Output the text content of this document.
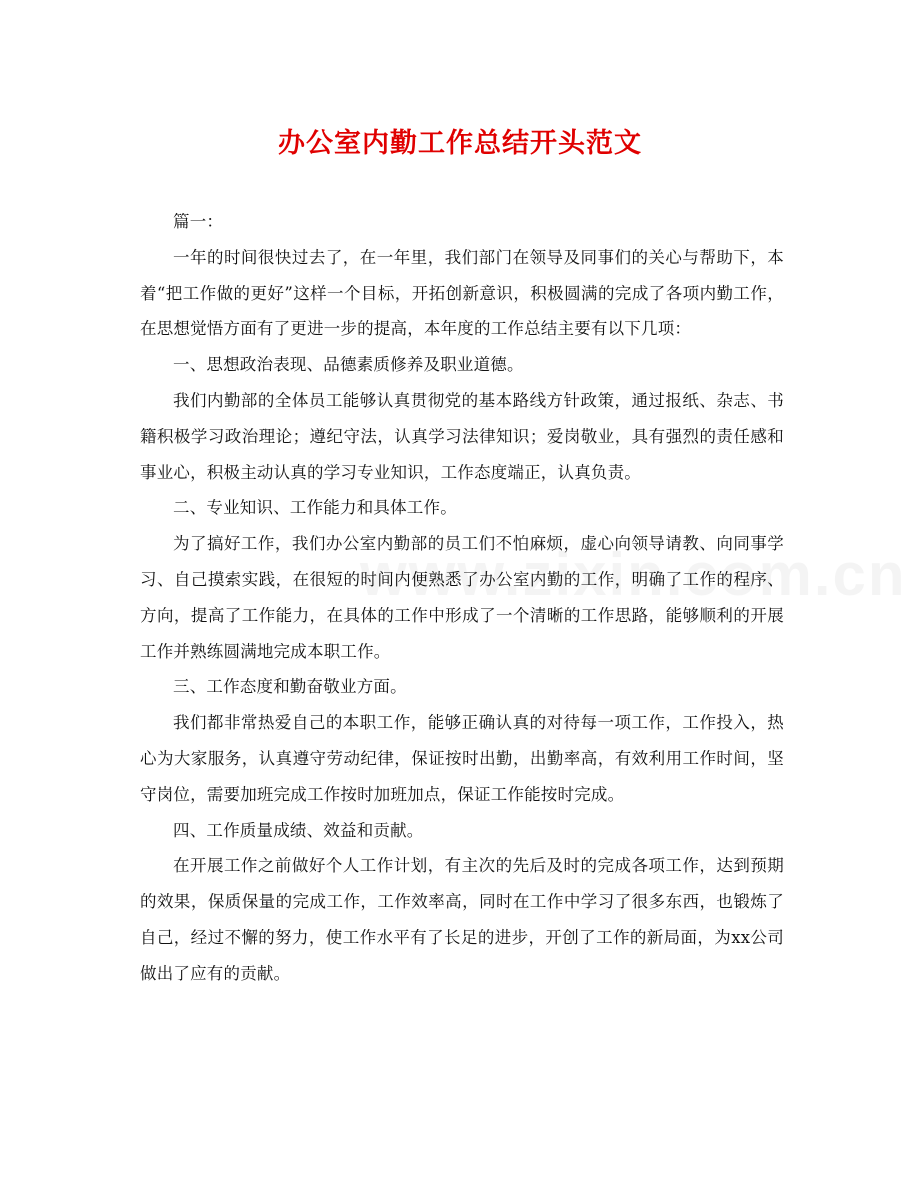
办公室内勤工作总结开头范文

篇一：

一年的时间很快过去了，在一年里，我们部门在领导及同事们的关心与帮助下，本着“把工作做的更好”这样一个目标，开拓创新意识，积极圆满的完成了各项内勤工作，在思想觉悟方面有了更进一步的提高，本年度的工作总结主要有以下几项：

一、思想政治表现、品德素质修养及职业道德。

我们内勤部的全体员工能够认真贯彻党的基本路线方针政策，通过报纸、杂志、书籍积极学习政治理论；遵纪守法，认真学习法律知识；爱岗敬业，具有强烈的责任感和事业心，积极主动认真的学习专业知识，工作态度端正，认真负责。

二、专业知识、工作能力和具体工作。

为了搞好工作，我们办公室内勤部的员工们不怕麻烦，虚心向领导请教、向同事学习、自己摸索实践，在很短的时间内便熟悉了办公室内勤的工作，明确了工作的程序、方向，提高了工作能力，在具体的工作中形成了一个清晰的工作思路，能够顺利的开展工作并熟练圆满地完成本职工作。

三、工作态度和勤奋敬业方面。

我们都非常热爱自己的本职工作，能够正确认真的对待每一项工作，工作投入，热心为大家服务，认真遵守劳动纪律，保证按时出勤，出勤率高，有效利用工作时间，坚守岗位，需要加班完成工作按时加班加点，保证工作能按时完成。

四、工作质量成绩、效益和贡献。

在开展工作之前做好个人工作计划，有主次的先后及时的完成各项工作，达到预期的效果，保质保量的完成工作，工作效率高，同时在工作中学习了很多东西，也锻炼了自己，经过不懈的努力，使工作水平有了长足的进步，开创了工作的新局面，为xx公司做出了应有的贡献。
